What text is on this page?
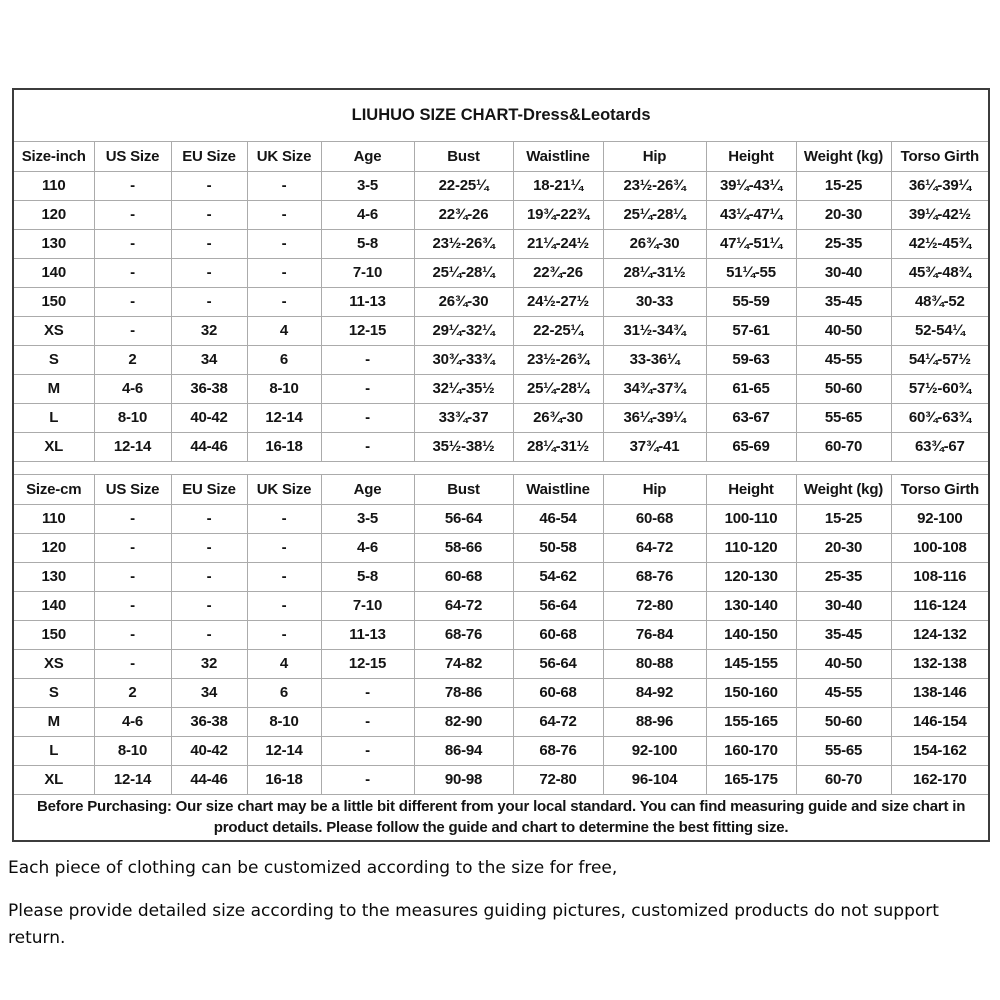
LIUHUO SIZE CHART-Dress&Leotards										
Size-inch	US Size	EU Size	UK Size	Age	Bust	Waistline	Hip	Height	Weight (kg)	Torso Girth
110	-	-	-	3-5	22-25¼	18-21¼	23½-26¾	39¼-43¼	15-25	36¼-39¼
120	-	-	-	4-6	22¾-26	19¾-22¾	25¼-28¼	43¼-47¼	20-30	39¼-42½
130	-	-	-	5-8	23½-26¾	21¼-24½	26¾-30	47¼-51¼	25-35	42½-45¾
140	-	-	-	7-10	25¼-28¼	22¾-26	28¼-31½	51¼-55	30-40	45¾-48¾
150	-	-	-	11-13	26¾-30	24½-27½	30-33	55-59	35-45	48¾-52
XS	-	32	4	12-15	29¼-32¼	22-25¼	31½-34¾	57-61	40-50	52-54¼
S	2	34	6	-	30¾-33¾	23½-26¾	33-36¼	59-63	45-55	54¼-57½
M	4-6	36-38	8-10	-	32¼-35½	25¼-28¼	34¾-37¾	61-65	50-60	57½-60¾
L	8-10	40-42	12-14	-	33¾-37	26¾-30	36¼-39¼	63-67	55-65	60¾-63¾
XL	12-14	44-46	16-18	-	35½-38½	28¼-31½	37¾-41	65-69	60-70	63¾-67

Size-cm	US Size	EU Size	UK Size	Age	Bust	Waistline	Hip	Height	Weight (kg)	Torso Girth
110	-	-	-	3-5	56-64	46-54	60-68	100-110	15-25	92-100
120	-	-	-	4-6	58-66	50-58	64-72	110-120	20-30	100-108
130	-	-	-	5-8	60-68	54-62	68-76	120-130	25-35	108-116
140	-	-	-	7-10	64-72	56-64	72-80	130-140	30-40	116-124
150	-	-	-	11-13	68-76	60-68	76-84	140-150	35-45	124-132
XS	-	32	4	12-15	74-82	56-64	80-88	145-155	40-50	132-138
S	2	34	6	-	78-86	60-68	84-92	150-160	45-55	138-146
M	4-6	36-38	8-10	-	82-90	64-72	88-96	155-165	50-60	146-154
L	8-10	40-42	12-14	-	86-94	68-76	92-100	160-170	55-65	154-162
XL	12-14	44-46	16-18	-	90-98	72-80	96-104	165-175	60-70	162-170
Before Purchasing: Our size chart may be a little bit different from your local standard. You can find measuring guide and size chart in product details. Please follow the guide and chart to determine the best fitting size.										

Each piece of clothing can be customized according to the size for free,

Please provide detailed size according to the measures guiding pictures, customized products do not support return.
